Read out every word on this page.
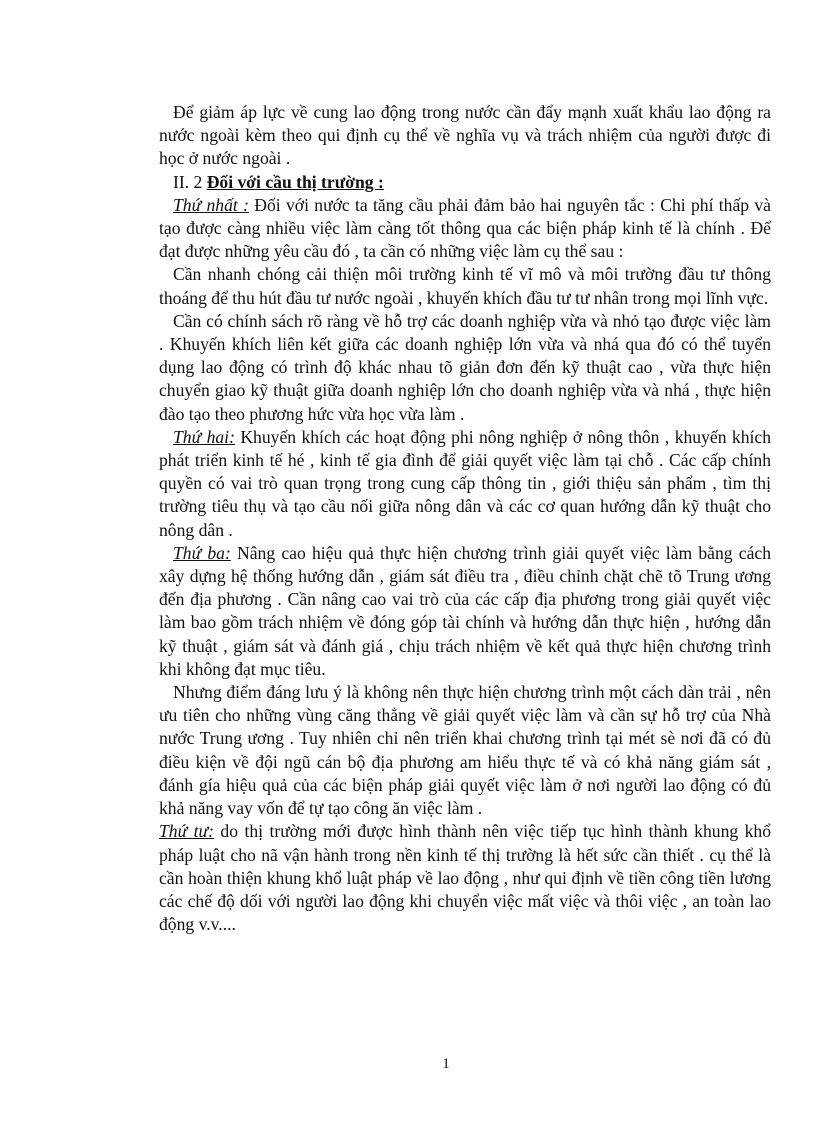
Để giảm áp lực về cung lao động trong nước cần đẩy mạnh xuất khẩu lao động ra nước ngoài kèm theo qui định cụ thể về nghĩa vụ và trách nhiệm của người được đi học ở nước ngoài .

II. 2 Đối với cầu thị trường :

Thứ nhất : Đối với nước ta tăng cầu phải đảm bảo hai nguyên tắc : Chi phí thấp và tạo được càng nhiều việc làm càng tốt thông qua các biện pháp kinh tế là chính . Để đạt được những yêu cầu đó , ta cần có những việc làm cụ thể sau :

Cần nhanh chóng cải thiện môi trường kinh tế vĩ mô và môi trường đầu tư thông thoáng để thu hút đầu tư nước ngoài , khuyến khích đầu tư tư nhân trong mọi lĩnh vực.

Cần có chính sách rõ ràng về hỗ trợ các doanh nghiệp vừa và nhỏ tạo được việc làm . Khuyến khích liên kết giữa các doanh nghiệp lớn vừa và nhá qua đó có thể tuyển dụng lao động có trình độ khác nhau tõ giản đơn đến kỹ thuật cao , vừa thực hiện chuyển giao kỹ thuật giữa doanh nghiệp lớn cho doanh nghiệp vừa và nhá , thực hiện đào tạo theo phương hức vừa học vừa làm .

Thứ hai: Khuyến khích các hoạt động phi nông nghiệp ở nông thôn , khuyến khích phát triển kinh tế hé , kinh tế gia đình để giải quyết việc làm tại chỗ . Các cấp chính quyền có vai trò quan trọng trong cung cấp thông tin , giới thiệu sản phẩm , tìm thị trường tiêu thụ và tạo cầu nối giữa nông dân và các cơ quan hướng dẫn kỹ thuật cho nông dân .

Thứ ba: Nâng cao hiệu quả thực hiện chương trình giải quyết việc làm bằng cách xây dựng hệ thống hướng dẫn , giám sát điều tra , điều chỉnh chặt chẽ tõ Trung ương đến địa phương . Cần nâng cao vai trò của các cấp địa phương trong giải quyết việc làm bao gồm trách nhiệm về đóng góp tài chính và hướng dẫn thực hiện , hướng dẫn kỹ thuật , giám sát và đánh giá , chịu trách nhiệm về kết quả thực hiện chương trình khi không đạt mục tiêu.

Nhưng điểm đáng lưu ý là không nên thực hiện chương trình một cách dàn trải , nên ưu tiên cho những vùng căng thẳng về giải quyết việc làm và cần sự hỗ trợ của Nhà nước Trung ương . Tuy nhiên chỉ nên triển khai chương trình tại mét sè nơi đã có đủ điều kiện về đội ngũ cán bộ địa phương am hiểu thực tế và có khả năng giám sát , đánh gía hiệu quả của các biện pháp giải quyết việc làm ở nơi người lao động có đủ khả năng vay vốn để tự tạo công ăn việc làm .

Thứ tư: do thị trường mới được hình thành nên việc tiếp tục hình thành khung khổ pháp luật cho nã vận hành trong nền kinh tế thị trường là hết sức cần thiết . cụ thể là cần hoàn thiện khung khổ luật pháp về lao động , như qui định về tiền công tiền lương các chế độ dối với người lao động khi chuyển việc mất việc và thôi việc , an toàn lao động v.v....

1
